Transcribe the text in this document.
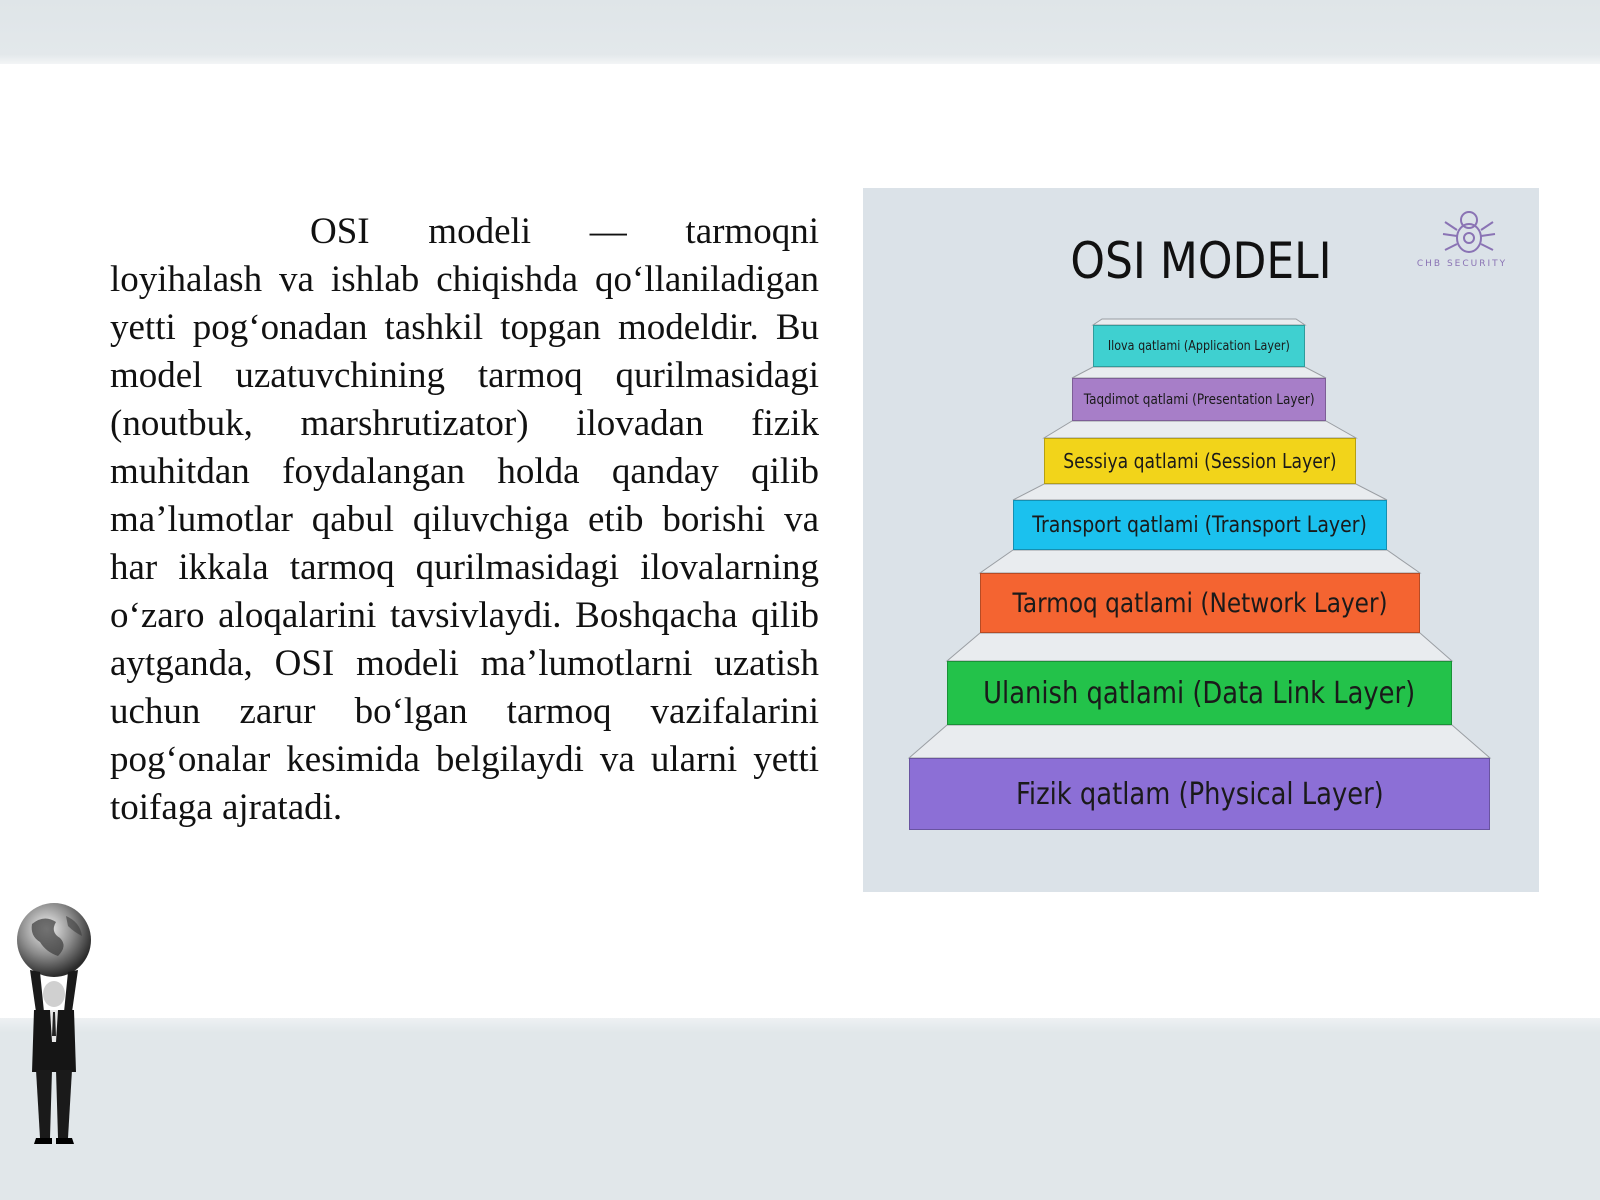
OSI modeli — tarmoqni loyihalash va ishlab chiqishda qo‘llaniladigan yetti pog‘onadan tashkil topgan modeldir. Bu model uzatuvchining tarmoq qurilmasidagi (noutbuk, marshrutizator) ilovadan fizik muhitdan foydalangan holda qanday qilib ma’lumotlar qabul qiluvchiga etib borishi va har ikkala tarmoq qurilmasidagi ilovalarning o‘zaro aloqalarini tavsivlaydi. Boshqacha qilib aytganda, OSI modeli ma’lumotlarni uzatish uchun zarur bo‘lgan tarmoq vazifalarini pog‘onalar kesimida belgilaydi va ularni yetti toifaga ajratadi.

OSI MODELI	CHB SECURITY
Ilova qatlami (Application Layer)
Taqdimot qatlami (Presentation Layer)
Sessiya qatlami (Session Layer)
Transport qatlami (Transport Layer)
Tarmoq qatlami (Network Layer)
Ulanish qatlami (Data Link Layer)
Fizik qatlam (Physical Layer)
